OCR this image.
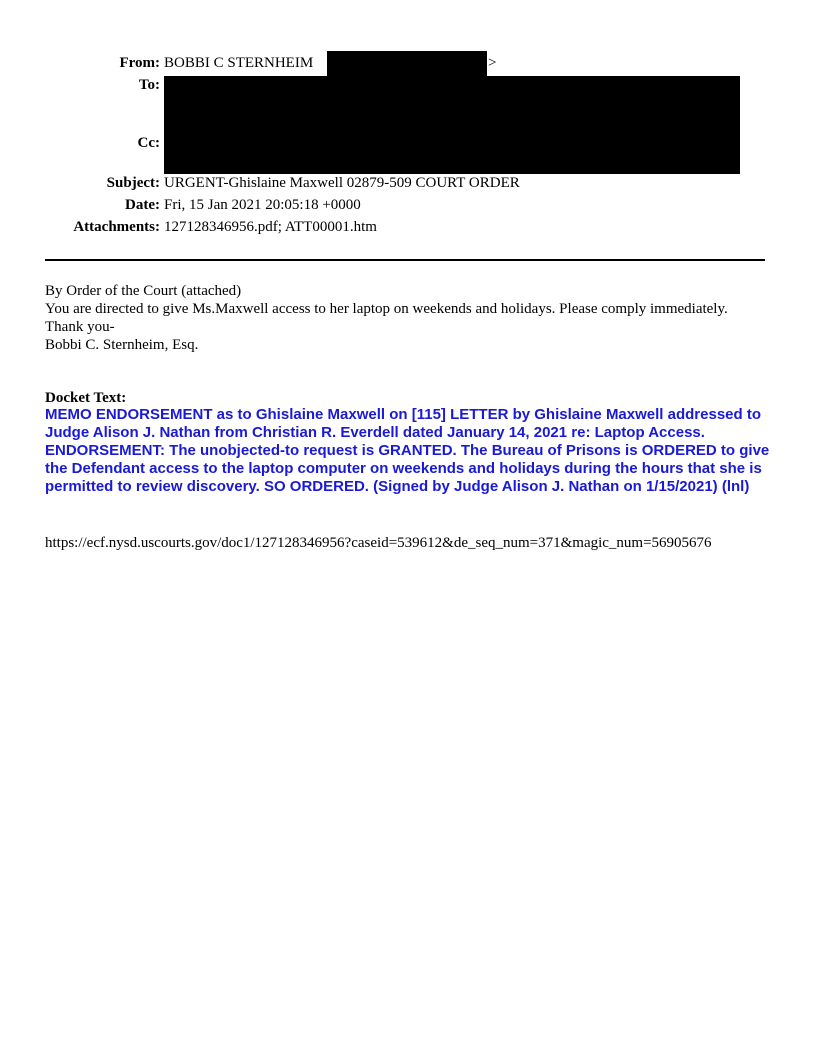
From: BOBBI C STERNHEIM	>
To:
Cc:
Subject: URGENT-Ghislaine Maxwell 02879-509 COURT ORDER
Date: Fri, 15 Jan 2021 20:05:18 +0000
Attachments: 127128346956.pdf; ATT00001.htm
By Order of the Court (attached)
You are directed to give Ms.Maxwell access to her laptop on weekends and holidays. Please comply immediately.
Thank you-
Bobbi C. Sternheim, Esq.
Docket Text:
MEMO ENDORSEMENT as to Ghislaine Maxwell on [115] LETTER by Ghislaine Maxwell addressed to Judge Alison J. Nathan from Christian R. Everdell dated January 14, 2021 re: Laptop Access. ENDORSEMENT: The unobjected-to request is GRANTED. The Bureau of Prisons is ORDERED to give the Defendant access to the laptop computer on weekends and holidays during the hours that she is permitted to review discovery. SO ORDERED. (Signed by Judge Alison J. Nathan on 1/15/2021) (lnl)
https://ecf.nysd.uscourts.gov/doc1/127128346956?caseid=539612&de_seq_num=371&magic_num=56905676
